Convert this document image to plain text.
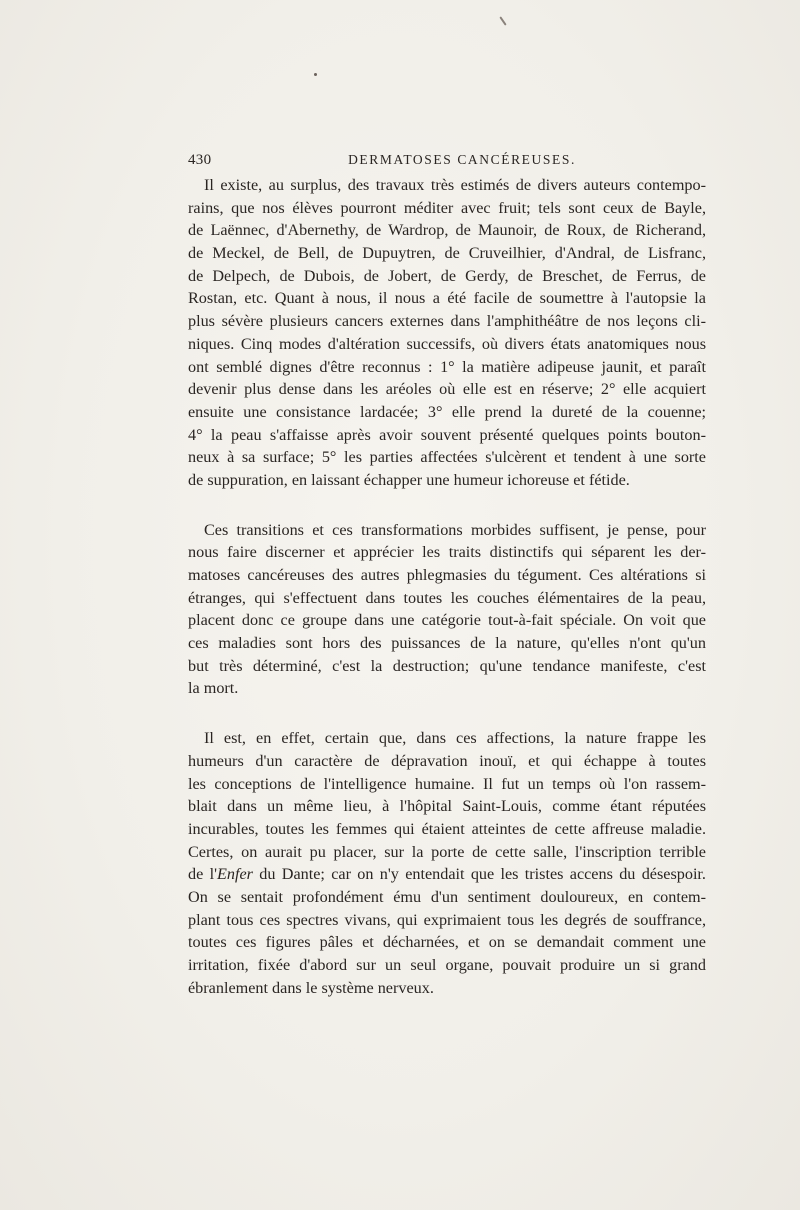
430	DERMATOSES CANCÉREUSES.
Il existe, au surplus, des travaux très estimés de divers auteurs contempo-
rains, que nos élèves pourront méditer avec fruit; tels sont ceux de Bayle,
de Laënnec, d'Abernethy, de Wardrop, de Maunoir, de Roux, de Richerand,
de Meckel, de Bell, de Dupuytren, de Cruveilhier, d'Andral, de Lisfranc,
de Delpech, de Dubois, de Jobert, de Gerdy, de Breschet, de Ferrus, de
Rostan, etc. Quant à nous, il nous a été facile de soumettre à l'autopsie la
plus sévère plusieurs cancers externes dans l'amphithéâtre de nos leçons cli-
niques. Cinq modes d'altération successifs, où divers états anatomiques nous
ont semblé dignes d'être reconnus : 1° la matière adipeuse jaunit, et paraît
devenir plus dense dans les aréoles où elle est en réserve; 2° elle acquiert
ensuite une consistance lardacée; 3° elle prend la dureté de la couenne;
4° la peau s'affaisse après avoir souvent présenté quelques points bouton-
neux à sa surface; 5° les parties affectées s'ulcèrent et tendent à une sorte
de suppuration, en laissant échapper une humeur ichoreuse et fétide.
Ces transitions et ces transformations morbides suffisent, je pense, pour
nous faire discerner et apprécier les traits distinctifs qui séparent les der-
matoses cancéreuses des autres phlegmasies du tégument. Ces altérations si
étranges, qui s'effectuent dans toutes les couches élémentaires de la peau,
placent donc ce groupe dans une catégorie tout-à-fait spéciale. On voit que
ces maladies sont hors des puissances de la nature, qu'elles n'ont qu'un
but très déterminé, c'est la destruction; qu'une tendance manifeste, c'est
la mort.
Il est, en effet, certain que, dans ces affections, la nature frappe les
humeurs d'un caractère de dépravation inouï, et qui échappe à toutes
les conceptions de l'intelligence humaine. Il fut un temps où l'on rassem-
blait dans un même lieu, à l'hôpital Saint-Louis, comme étant réputées
incurables, toutes les femmes qui étaient atteintes de cette affreuse maladie.
Certes, on aurait pu placer, sur la porte de cette salle, l'inscription terrible
de l'Enfer du Dante; car on n'y entendait que les tristes accens du désespoir.
On se sentait profondément ému d'un sentiment douloureux, en contem-
plant tous ces spectres vivans, qui exprimaient tous les degrés de souffrance,
toutes ces figures pâles et décharnées, et on se demandait comment une
irritation, fixée d'abord sur un seul organe, pouvait produire un si grand
ébranlement dans le système nerveux.
